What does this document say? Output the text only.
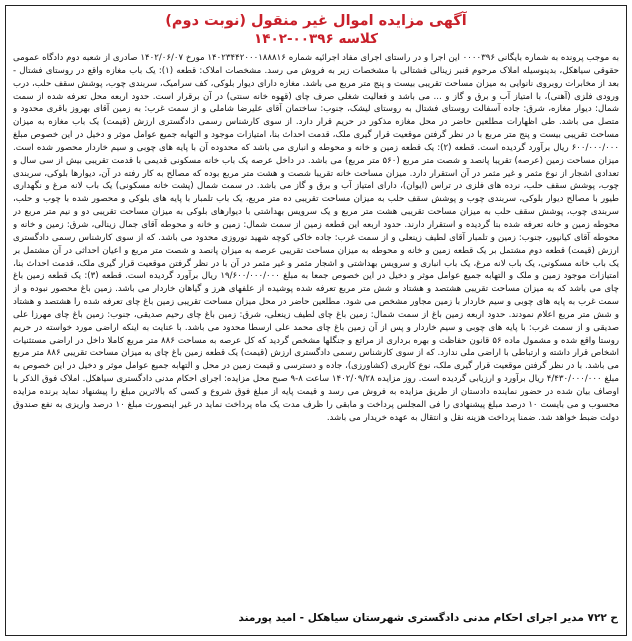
آگهی مزایده اموال غیر منقول (نوبت دوم)
کلاسه ۰۰۳۹۶-۱۴۰۲

به موجب پرونده به شماره بایگانی ۰۰۰۰۳۹۶ این اجرا و در راستای اجرای مفاد اجرائیه شماره ۱۴۰۲۳۴۴۲۰۰۰۱۸۸۸۱۶ مورخ ۱۴۰۲/۰۶/۰۷ صادری از شعبه دوم دادگاه عمومی حقوقی سیاهکل، بدینوسیله املاک مرحوم قنبر زینالی فشتالی با مشخصات زیر به فروش می رسد. مشخصات املاک: قطعه (۱): یک باب مغازه واقع در روستای فشتال - بعد از مخابرات روبروی نانوایی به میزان مساحت تقریبی بیست و پنج متر مربع می باشد. مغازه دارای دیوار بلوکی، کف سرامیک، سربندی چوب، پوشش سقف حلب، درب ورودی فلزی (آهنی)، با امتیاز آب و برق و گاز و ... می باشد و فعالیت شغلی صرف چای (قهوه خانه سنتی) در آن برقرار است. حدود اربعه محل تعرفه شده از سمت شمال: دیوار مغازه، شرق: جاده آسفالت روستای فشتال به روستای لیشک، جنوب: ساختمان آقای علیرضا شاملی و از سمت غرب: به زمین آقای بهروز باقری محدود و متصل می باشد. طی اظهارات مطلعین حاضر در محل مغازه مذکور در حریم قرار دارد. از سوی کارشناس رسمی دادگستری ارزش (قیمت) یک باب مغازه به میزان مساحت تقریبی بیست و پنج متر مربع با در نظر گرفتن موقعیت قرار گیری ملک، قدمت احداث بنا، امتیازات موجود و التهابه جمیع عوامل موثر و دخیل در این خصوص مبلغ ۶۰۰/۰۰۰/۰۰۰ ریال برآورد گردیده است. قطعه (۲): یک قطعه زمین و خانه و محوطه و انباری می باشد که محدوده آن با پایه های چوبی و سیم خاردار محصور شده است. میزان مساحت زمین (عرصه) تقریبا پانصد و شصت متر مربع (۵۶۰ متر مربع) می باشد. در داخل عرصه یک باب خانه مسکونی قدیمی با قدمت تقریبی بیش از سی سال و تعدادی اشجار از نوع مثمر و غیر مثمر در آن استقرار دارد. میزان مساحت خانه تقریبا شصت و هشت متر مربع بوده که مصالح به کار رفته در آن، دیوارها بلوکی، سربندی چوب، پوشش سقف حلب، نرده های فلزی در تراس (ایوان)، دارای امتیاز آب و برق و گاز می باشد. در سمت شمال (پشت خانه مسکونی) یک باب لانه مرغ و نگهداری طیور با مصالح دیوار بلوکی، سربندی چوب و پوشش سقف حلب به میزان مساحت تقریبی ده متر مربع، یک باب تلمبار با پایه های بلوکی و محصور شده با چوب و حلب، سربندی چوب، پوشش سقف حلب به میزان مساحت تقریبی هشت متر مربع و یک سرویس بهداشتی با دیوارهای بلوکی به میزان مساحت تقریبی دو و نیم متر مربع در محوطه زمین و خانه تعرفه شده بنا گردیده و استقرار دارند. حدود اربعه این قطعه زمین از سمت شمال: زمین و خانه و محوطه آقای جمال زینالی، شرق: زمین و خانه و محوطه آقای کیانپور، جنوب: زمین و تلمبار آقای لطیف زینعلی و از سمت غرب: جاده خاکی کوچه شهید نوروزی محدود می باشد. که از سوی کارشناس رسمی دادگستری ارزش (قیمت) قطعه دوم مشتمل بر یک قطعه زمین و خانه و محوطه به میزان مساحت تقریبی عرصه به میزان پانصد و شصت متر مربع و اعیان احداثی در آن مشتمل بر یک باب خانه مسکونی، یک باب لانه مرغ، یک باب انباری و سرویس بهداشتی و اشجار مثمر و غیر مثمر در آن با در نظر گرفتن موقعیت قرار گیری ملک، قدمت احداث بنا، امتیازات موجود زمین و ملک و التهابه جمیع عوامل موثر و دخیل در این خصوص جمعا به مبلغ ۱۹/۶۰۰/۰۰۰/۰۰۰ ریال برآورد گردیده است. قطعه (۳): یک قطعه زمین باغ چای می باشد که به میزان مساحت تقریبی هشتصد و هشتاد و شش متر مربع تعرفه شده پوشیده از علفهای هرز و گیاهان خاردار می باشد. زمین باغ محصور نبوده و از سمت غرب به پایه های چوبی و سیم خاردار با زمین مجاور مشخص می شود. مطلعین حاضر در محل میزان مساحت تقریبی زمین باغ چای تعرفه شده را هشتصد و هشتاد و شش متر مربع اعلام نمودند. حدود اربعه زمین باغ از سمت شمال: زمین باغ چای لطیف زینعلی، شرق: زمین باغ چای رحیم صدیقی، جنوب: زمین باغ چای مهرزا علی صدیقی و از سمت غرب: با پایه های چوبی و سیم خاردار و پس از آن زمین باغ چای محمد علی ارسطا محدود می باشد. با عنایت به اینکه اراضی مورد خواسته در حریم روستا واقع شده و مشمول ماده ۵۶ قانون حفاظت و بهره برداری از مراتع و جنگلها مشخص گردید که کل عرصه به مساحت ۸۸۶ متر مربع کاملا داخل در اراضی مستثنیات اشخاص قرار داشته و ارتباطی با اراضی ملی ندارد. که از سوی کارشناس رسمی دادگستری ارزش (قیمت) یک قطعه زمین باغ چای به میزان مساحت تقریبی ۸۸۶ متر مربع می باشد. با در نظر گرفتن موقعیت قرار گیری ملک، نوع کاربری (کشاورزی)، جاده و دسترسی و قیمت زمین در محل و التهابه جمیع عوامل موثر و دخیل در این خصوص به مبلغ ۴/۴۳۰/۰۰۰/۰۰۰ ریال برآورد و ارزیابی گردیده است. روز مزایده ۱۴۰۲/۰۹/۲۸ ساعت ۸-۹ صبح محل مزایده: اجرای احکام مدنی دادگستری سیاهکل. املاک فوق الذکر با اوصاف بیان شده در حضور نماینده دادستان از طریق مزایده به فروش می رسد و قیمت پایه از مبلغ فوق شروع و کسی که بالاترین مبلغ را پیشنهاد نماید برنده مزایده محسوب و می بایست ۱۰ درصد مبلغ پیشنهادی را فی المجلس پرداخت و مابقی را ظرف مدت یک ماه پرداخت نماید در غیر اینصورت مبلغ ۱۰ درصد واریزی به نفع صندوق دولت ضبط خواهد شد. ضمنا پرداخت هزینه نقل و انتقال به عهده خریدار می باشد.

ح ۷۲۲ مدیر اجرای احکام مدنی دادگستری شهرستان سیاهکل - امید پورمند
